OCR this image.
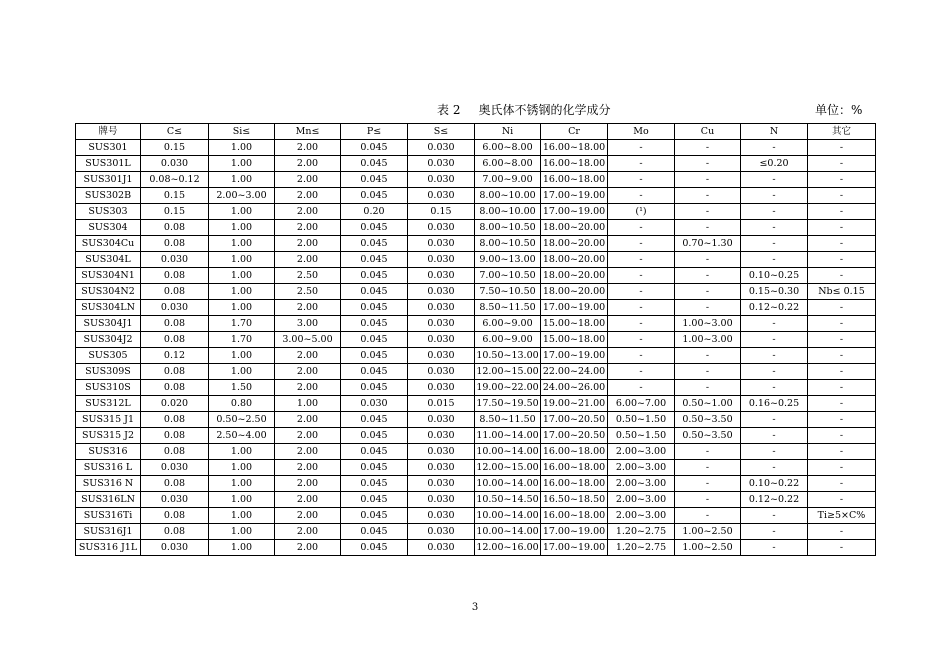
表 2 奥氏体不锈钢的化学成分	单位：%
牌号	C≤	Si≤	Mn≤	P≤	S≤	Ni	Cr	Mo	Cu	N	其它
SUS301	0.15	1.00	2.00	0.045	0.030	6.00~8.00	16.00~18.00	-	-	-	-
SUS301L	0.030	1.00	2.00	0.045	0.030	6.00~8.00	16.00~18.00	-	-	≤0.20	-
SUS301J1	0.08~0.12	1.00	2.00	0.045	0.030	7.00~9.00	16.00~18.00	-	-	-	-
SUS302B	0.15	2.00~3.00	2.00	0.045	0.030	8.00~10.00	17.00~19.00	-	-	-	-
SUS303	0.15	1.00	2.00	0.20	0.15	8.00~10.00	17.00~19.00	(¹)	-	-	-
SUS304	0.08	1.00	2.00	0.045	0.030	8.00~10.50	18.00~20.00	-	-	-	-
SUS304Cu	0.08	1.00	2.00	0.045	0.030	8.00~10.50	18.00~20.00	-	0.70~1.30	-	-
SUS304L	0.030	1.00	2.00	0.045	0.030	9.00~13.00	18.00~20.00	-	-	-	-
SUS304N1	0.08	1.00	2.50	0.045	0.030	7.00~10.50	18.00~20.00	-	-	0.10~0.25	-
SUS304N2	0.08	1.00	2.50	0.045	0.030	7.50~10.50	18.00~20.00	-	-	0.15~0.30	Nb≤ 0.15
SUS304LN	0.030	1.00	2.00	0.045	0.030	8.50~11.50	17.00~19.00	-	-	0.12~0.22	-
SUS304J1	0.08	1.70	3.00	0.045	0.030	6.00~9.00	15.00~18.00	-	1.00~3.00	-	-
SUS304J2	0.08	1.70	3.00~5.00	0.045	0.030	6.00~9.00	15.00~18.00	-	1.00~3.00	-	-
SUS305	0.12	1.00	2.00	0.045	0.030	10.50~13.00	17.00~19.00	-	-	-	-
SUS309S	0.08	1.00	2.00	0.045	0.030	12.00~15.00	22.00~24.00	-	-	-	-
SUS310S	0.08	1.50	2.00	0.045	0.030	19.00~22.00	24.00~26.00	-	-	-	-
SUS312L	0.020	0.80	1.00	0.030	0.015	17.50~19.50	19.00~21.00	6.00~7.00	0.50~1.00	0.16~0.25	-
SUS315 J1	0.08	0.50~2.50	2.00	0.045	0.030	8.50~11.50	17.00~20.50	0.50~1.50	0.50~3.50	-	-
SUS315 J2	0.08	2.50~4.00	2.00	0.045	0.030	11.00~14.00	17.00~20.50	0.50~1.50	0.50~3.50	-	-
SUS316	0.08	1.00	2.00	0.045	0.030	10.00~14.00	16.00~18.00	2.00~3.00	-	-	-
SUS316 L	0.030	1.00	2.00	0.045	0.030	12.00~15.00	16.00~18.00	2.00~3.00	-	-	-
SUS316 N	0.08	1.00	2.00	0.045	0.030	10.00~14.00	16.00~18.00	2.00~3.00	-	0.10~0.22	-
SUS316LN	0.030	1.00	2.00	0.045	0.030	10.50~14.50	16.50~18.50	2.00~3.00	-	0.12~0.22	-
SUS316Ti	0.08	1.00	2.00	0.045	0.030	10.00~14.00	16.00~18.00	2.00~3.00	-	-	Ti≥5×C%
SUS316J1	0.08	1.00	2.00	0.045	0.030	10.00~14.00	17.00~19.00	1.20~2.75	1.00~2.50	-	-
SUS316 J1L	0.030	1.00	2.00	0.045	0.030	12.00~16.00	17.00~19.00	1.20~2.75	1.00~2.50	-	-
3
